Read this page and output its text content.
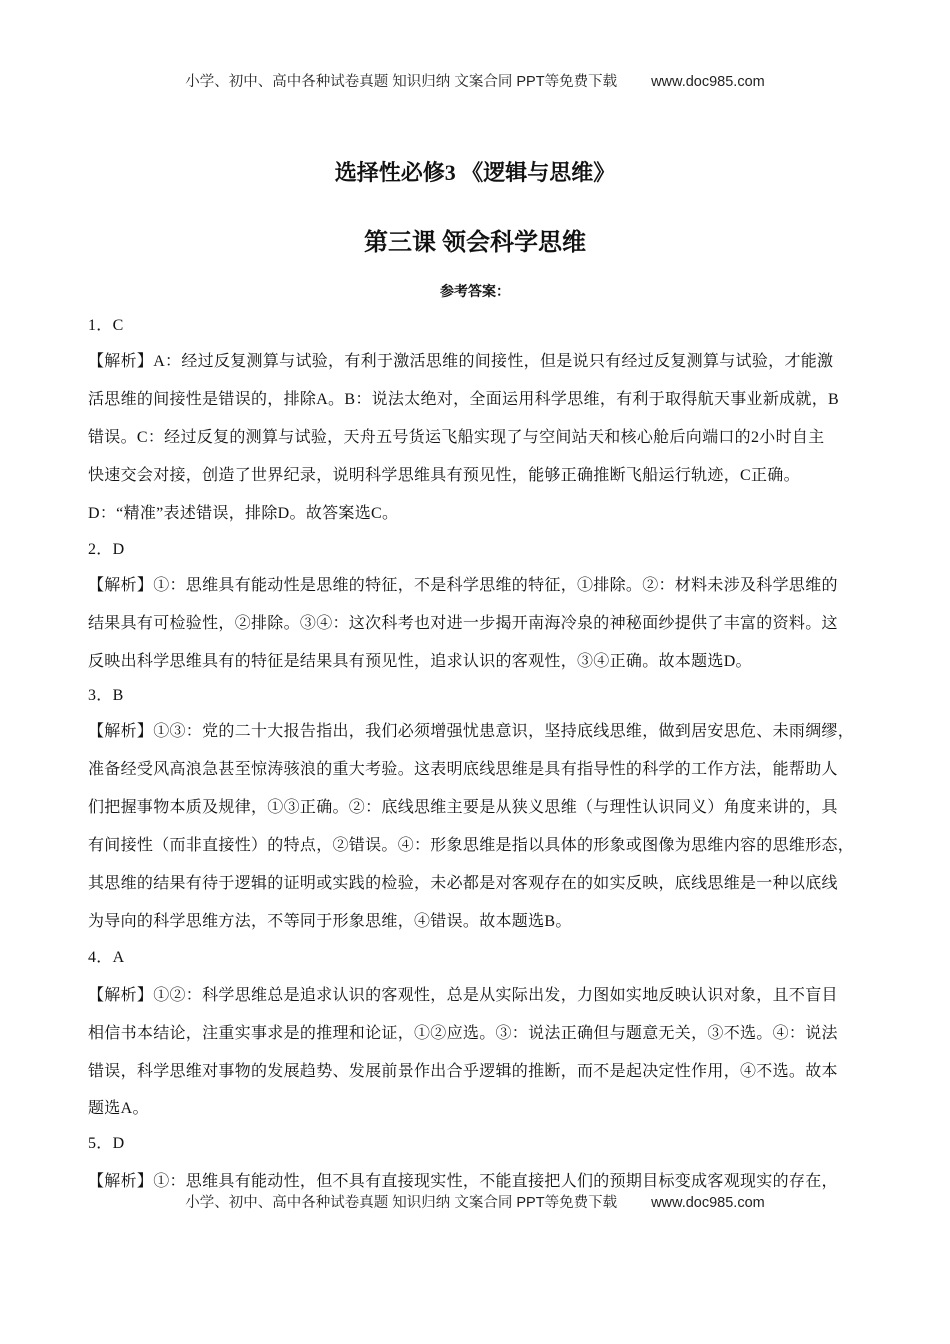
小学、初中、高中各种试卷真题 知识归纳 文案合同 PPT等免费下载 www.doc985.com
选择性必修3 《逻辑与思维》
第三课 领会科学思维
参考答案：
1．C
【解析】A：经过反复测算与试验，有利于激活思维的间接性，但是说只有经过反复测算与试验，才能激
活思维的间接性是错误的，排除A。B：说法太绝对，全面运用科学思维，有利于取得航天事业新成就，B
错误。C：经过反复的测算与试验，天舟五号货运飞船实现了与空间站天和核心舱后向端口的2小时自主
快速交会对接，创造了世界纪录，说明科学思维具有预见性，能够正确推断飞船运行轨迹，C正确。
D：“精准”表述错误，排除D。故答案选C。
2．D
【解析】①：思维具有能动性是思维的特征，不是科学思维的特征，①排除。②：材料未涉及科学思维的
结果具有可检验性，②排除。③④：这次科考也对进一步揭开南海冷泉的神秘面纱提供了丰富的资料。这
反映出科学思维具有的特征是结果具有预见性，追求认识的客观性，③④正确。故本题选D。
3．B
【解析】①③：党的二十大报告指出，我们必须增强忧患意识，坚持底线思维，做到居安思危、未雨绸缪，
准备经受风高浪急甚至惊涛骇浪的重大考验。这表明底线思维是具有指导性的科学的工作方法，能帮助人
们把握事物本质及规律，①③正确。②：底线思维主要是从狭义思维（与理性认识同义）角度来讲的，具
有间接性（而非直接性）的特点，②错误。④：形象思维是指以具体的形象或图像为思维内容的思维形态，
其思维的结果有待于逻辑的证明或实践的检验，未必都是对客观存在的如实反映，底线思维是一种以底线
为导向的科学思维方法，不等同于形象思维，④错误。故本题选B。
4．A
【解析】①②：科学思维总是追求认识的客观性，总是从实际出发，力图如实地反映认识对象，且不盲目
相信书本结论，注重实事求是的推理和论证，①②应选。③：说法正确但与题意无关，③不选。④：说法
错误，科学思维对事物的发展趋势、发展前景作出合乎逻辑的推断，而不是起决定性作用，④不选。故本
题选A。
5．D
【解析】①：思维具有能动性，但不具有直接现实性，不能直接把人们的预期目标变成客观现实的存在，
小学、初中、高中各种试卷真题 知识归纳 文案合同 PPT等免费下载 www.doc985.com
